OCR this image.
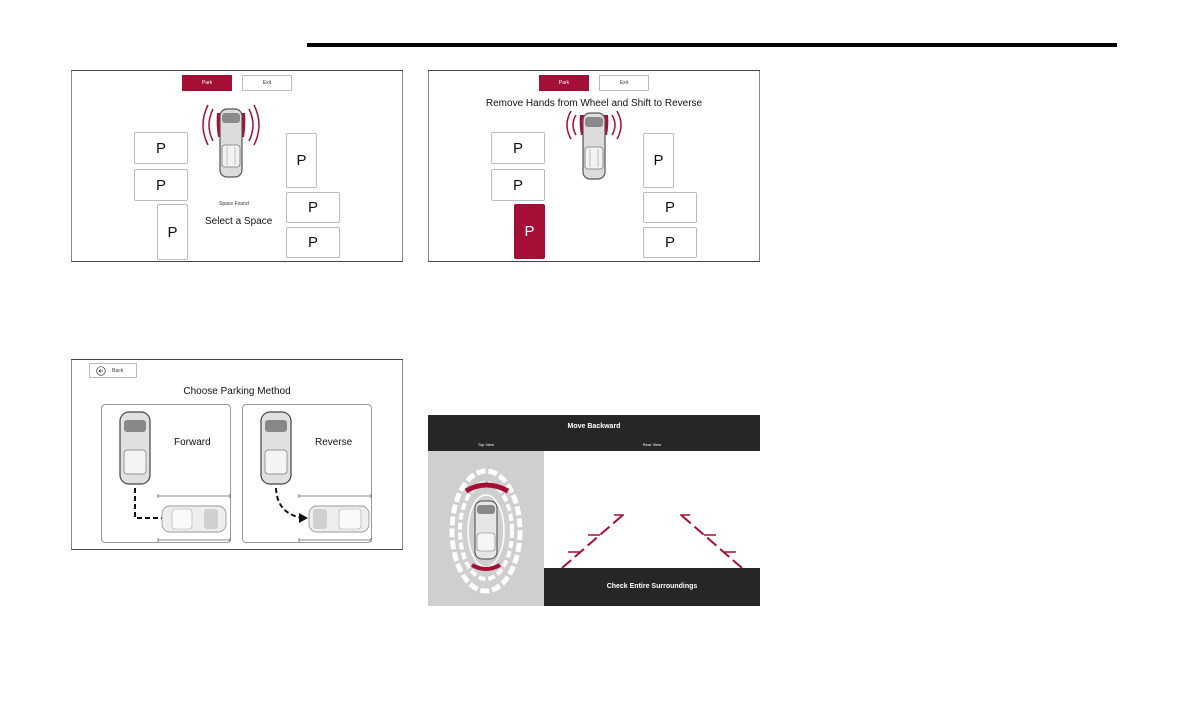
Park	Exit
P
P
P
P
P
P
Space Found
Select a Space
Park	Exit
Remove Hands from Wheel and Shift to Reverse
P
P
P
P
P
P
Back
Choose Parking Method
Forward	Reverse
Move Backward
Top View	Rear View
Check Entire Surroundings
